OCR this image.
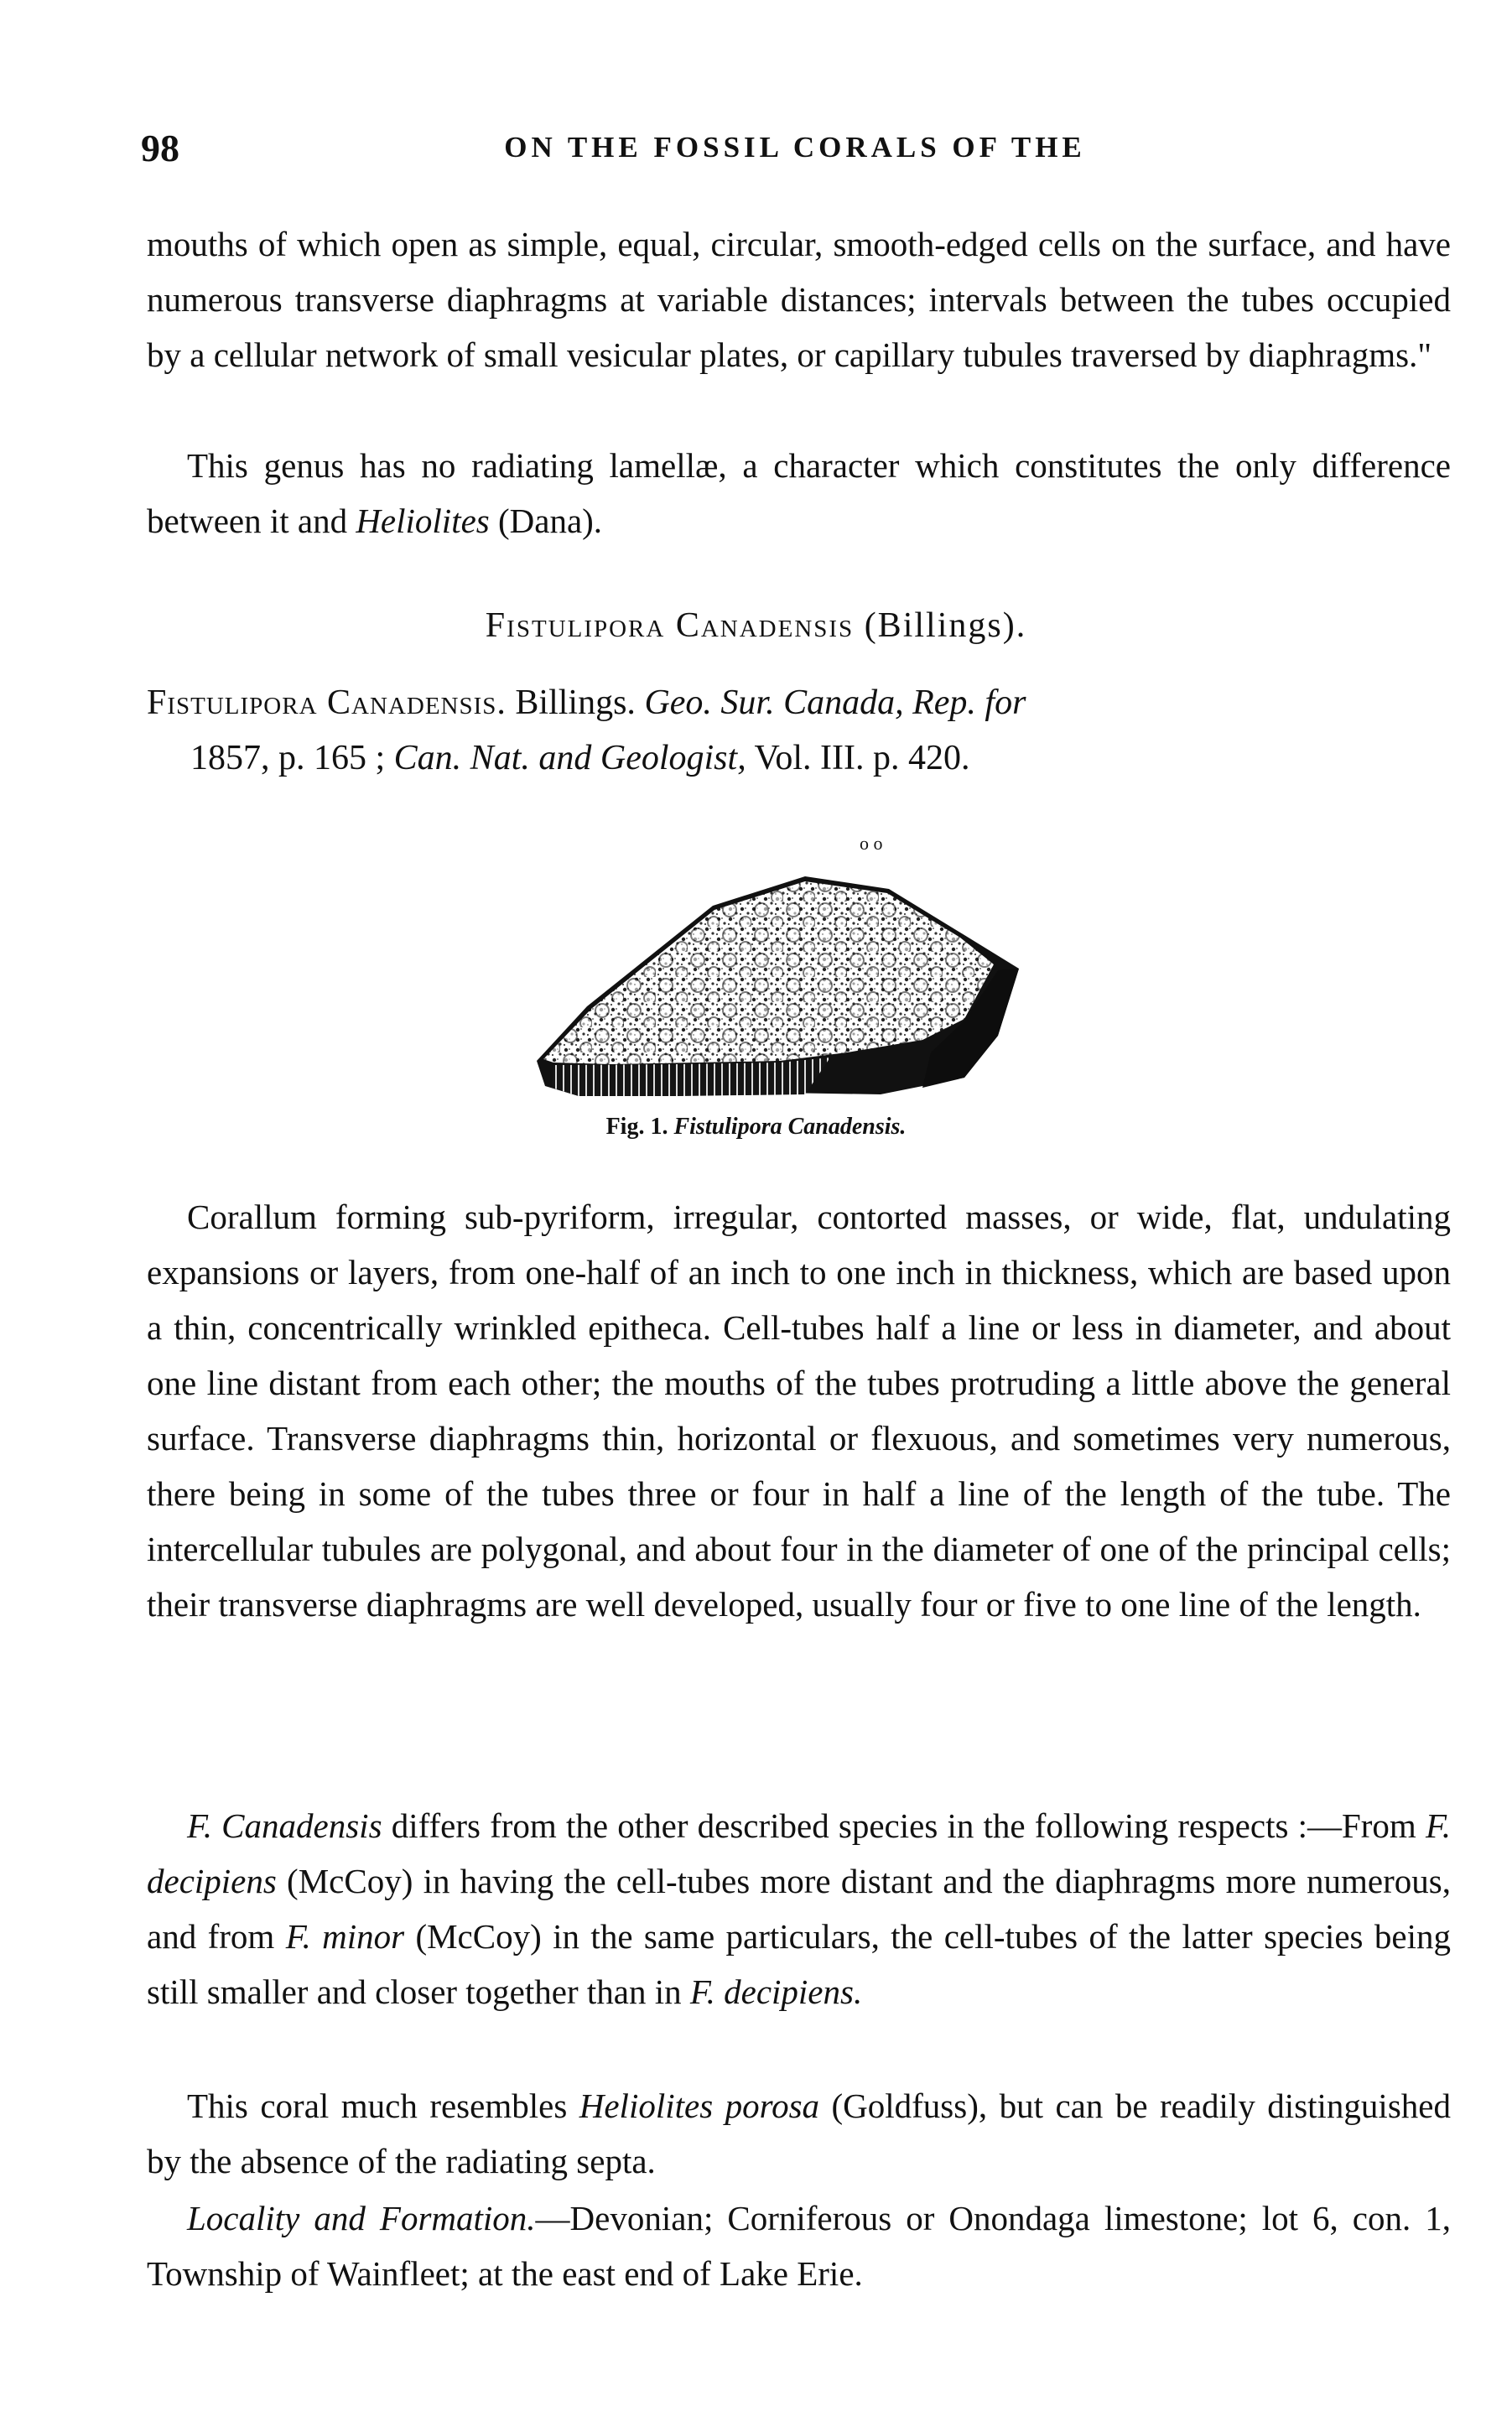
98	ON THE FOSSIL CORALS OF THE

mouths of which open as simple, equal, circular, smooth-edged cells on the surface, and have numerous transverse diaphragms at variable distances; intervals between the tubes occupied by a cellular network of small vesicular plates, or capillary tubules traversed by diaphragms."

This genus has no radiating lamellæ, a character which constitutes the only difference between it and Heliolites (Dana).

Fistulipora Canadensis (Billings).
Fistulipora Canadensis. Billings. Geo. Sur. Canada, Rep. for
1857, p. 165 ; Can. Nat. and Geologist, Vol. III. p. 420.
o o
Fig. 1. Fistulipora Canadensis.

Corallum forming sub-pyriform, irregular, contorted masses, or wide, flat, undulating expansions or layers, from one-half of an inch to one inch in thickness, which are based upon a thin, concentrically wrinkled epitheca. Cell-tubes half a line or less in diameter, and about one line distant from each other; the mouths of the tubes protruding a little above the general surface. Transverse diaphragms thin, horizontal or flexuous, and sometimes very numerous, there being in some of the tubes three or four in half a line of the length of the tube. The intercellular tubules are polygonal, and about four in the diameter of one of the principal cells; their transverse diaphragms are well developed, usually four or five to one line of the length.

F. Canadensis differs from the other described species in the following respects :—From F. decipiens (McCoy) in having the cell-tubes more distant and the diaphragms more numerous, and from F. minor (McCoy) in the same particulars, the cell-tubes of the latter species being still smaller and closer together than in F. decipiens.

This coral much resembles Heliolites porosa (Goldfuss), but can be readily distinguished by the absence of the radiating septa.

Locality and Formation.—Devonian; Corniferous or Onondaga limestone; lot 6, con. 1, Township of Wainfleet; at the east end of Lake Erie.
